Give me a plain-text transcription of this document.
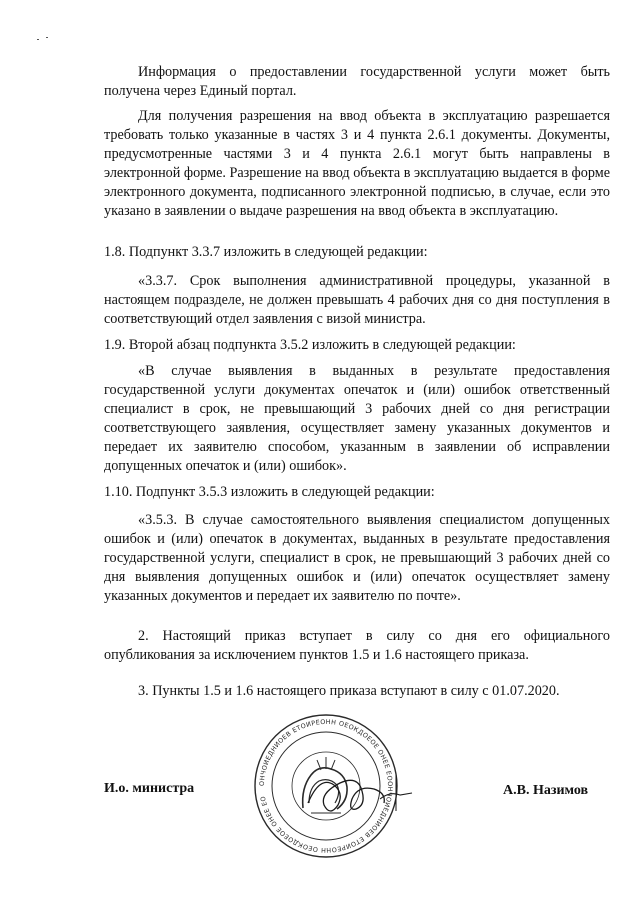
Информация о предоставлении государственной услуги может быть получена через Единый портал.

Для получения разрешения на ввод объекта в эксплуатацию разрешается требовать только указанные в частях 3 и 4 пункта 2.6.1 документы. Документы, предусмотренные частями 3 и 4 пункта 2.6.1 могут быть направлены в электронной форме. Разрешение на ввод объекта в эксплуатацию выдается в форме электронного документа, подписанного электронной подписью, в случае, если это указано в заявлении о выдаче разрешения на ввод объекта в эксплуатацию.

1.8. Подпункт 3.3.7 изложить в следующей редакции:

«3.3.7. Срок выполнения административной процедуры, указанной в настоящем подразделе, не должен превышать 4 рабочих дня со дня поступления в соответствующий отдел заявления с визой министра.

1.9. Второй абзац подпункта 3.5.2 изложить в следующей редакции:

«В случае выявления в выданных в результате предоставления государственной услуги документах опечаток и (или) ошибок ответственный специалист в срок, не превышающий 3 рабочих дней со дня регистрации соответствующего заявления, осуществляет замену указанных документов и передает их заявителю способом, указанным в заявлении об исправлении допущенных опечаток и (или) ошибок».

1.10. Подпункт 3.5.3 изложить в следующей редакции:

«3.5.3. В случае самостоятельного выявления специалистом допущенных ошибок и (или) опечаток в документах, выданных в результате предоставления государственной услуги, специалист в срок, не превышающий 3 рабочих дней со дня выявления допущенных ошибок и (или) опечаток осуществляет замену указанных документов и передает их заявителю по почте».

2. Настоящий приказ вступает в силу со дня его официального опубликования за исключением пунктов 1.5 и 1.6 настоящего приказа.

3. Пункты 1.5 и 1.6 настоящего приказа вступают в силу с 01.07.2020.

И.о. министра	ОНЧОИЕДНИОЕВ ЕТОИРЕОНН ОЕОКДОЕОЕ ОНЕЕ ЕООНЧОИЕДНИОЕВ ЕТОИРЕОНН ОЕОКДОЕОЕ ОНЕЕ ЕО
А.В. Назимов
